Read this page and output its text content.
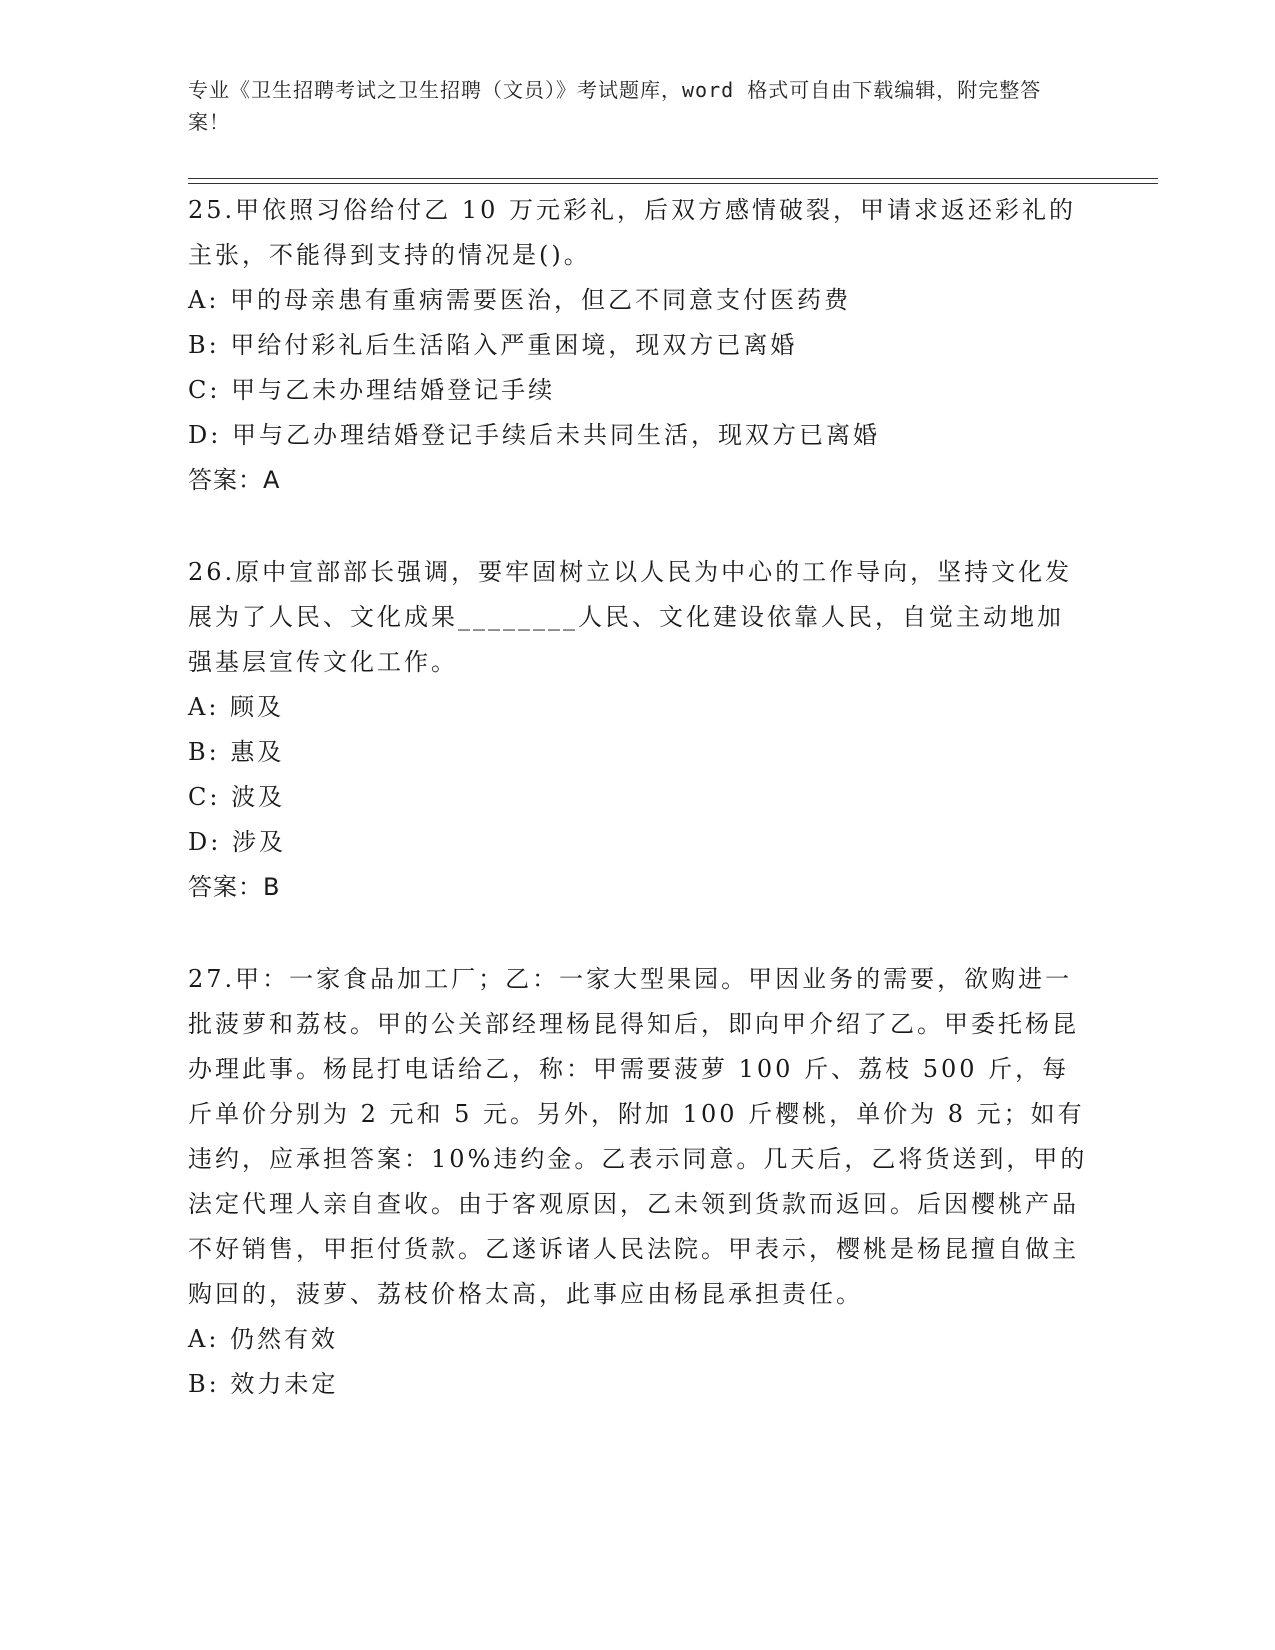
专业《卫生招聘考试之卫生招聘（文员）》考试题库，word 格式可自由下载编辑，附完整答案！

25.甲依照习俗给付乙 10 万元彩礼，后双方感情破裂，甲请求返还彩礼的主张，不能得到支持的情况是()。

A: 甲的母亲患有重病需要医治，但乙不同意支付医药费

B: 甲给付彩礼后生活陷入严重困境，现双方已离婚

C: 甲与乙未办理结婚登记手续

D: 甲与乙办理结婚登记手续后未共同生活，现双方已离婚

答案：A

26.原中宣部部长强调，要牢固树立以人民为中心的工作导向，坚持文化发展为了人民、文化成果________人民、文化建设依靠人民，自觉主动地加强基层宣传文化工作。

A: 顾及

B: 惠及

C: 波及

D: 涉及

答案：B

27.甲：一家食品加工厂；乙：一家大型果园。甲因业务的需要，欲购进一批菠萝和荔枝。甲的公关部经理杨昆得知后，即向甲介绍了乙。甲委托杨昆办理此事。杨昆打电话给乙，称：甲需要菠萝 100 斤、荔枝 500 斤，每斤单价分别为 2 元和 5 元。另外，附加 100 斤樱桃，单价为 8 元；如有违约，应承担答案：10%违约金。乙表示同意。几天后，乙将货送到，甲的法定代理人亲自查收。由于客观原因，乙未领到货款而返回。后因樱桃产品不好销售，甲拒付货款。乙遂诉诸人民法院。甲表示，樱桃是杨昆擅自做主购回的，菠萝、荔枝价格太高，此事应由杨昆承担责任。

A: 仍然有效

B: 效力未定
